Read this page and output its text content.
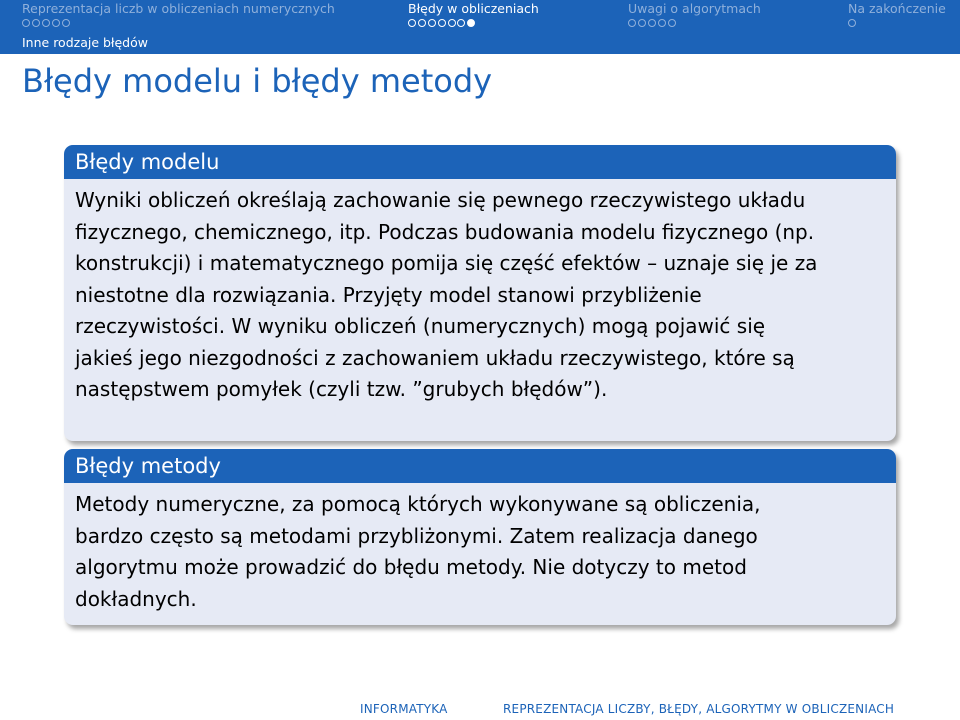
Reprezentacja liczb w obliczeniach numerycznych	Błędy w obliczeniach	Uwagi o algorytmach	Na zakończenie
Inne rodzaje błędów
Błędy modelu i błędy metody
Błędy modelu
Wyniki obliczeń określają zachowanie się pewnego rzeczywistego układu
fizycznego, chemicznego, itp. Podczas budowania modelu fizycznego (np.
konstrukcji) i matematycznego pomija się część efektów – uznaje się je za
niestotne dla rozwiązania. Przyjęty model stanowi przybliżenie
rzeczywistości. W wyniku obliczeń (numerycznych) mogą pojawić się
jakieś jego niezgodności z zachowaniem układu rzeczywistego, które są
następstwem pomyłek (czyli tzw. ”grubych błędów”).
Błędy metody
Metody numeryczne, za pomocą których wykonywane są obliczenia,
bardzo często są metodami przybliżonymi. Zatem realizacja danego
algorytmu może prowadzić do błędu metody. Nie dotyczy to metod
dokładnych.
INFORMATYKA	REPREZENTACJA LICZBY, BŁĘDY, ALGORYTMY W OBLICZENIACH
